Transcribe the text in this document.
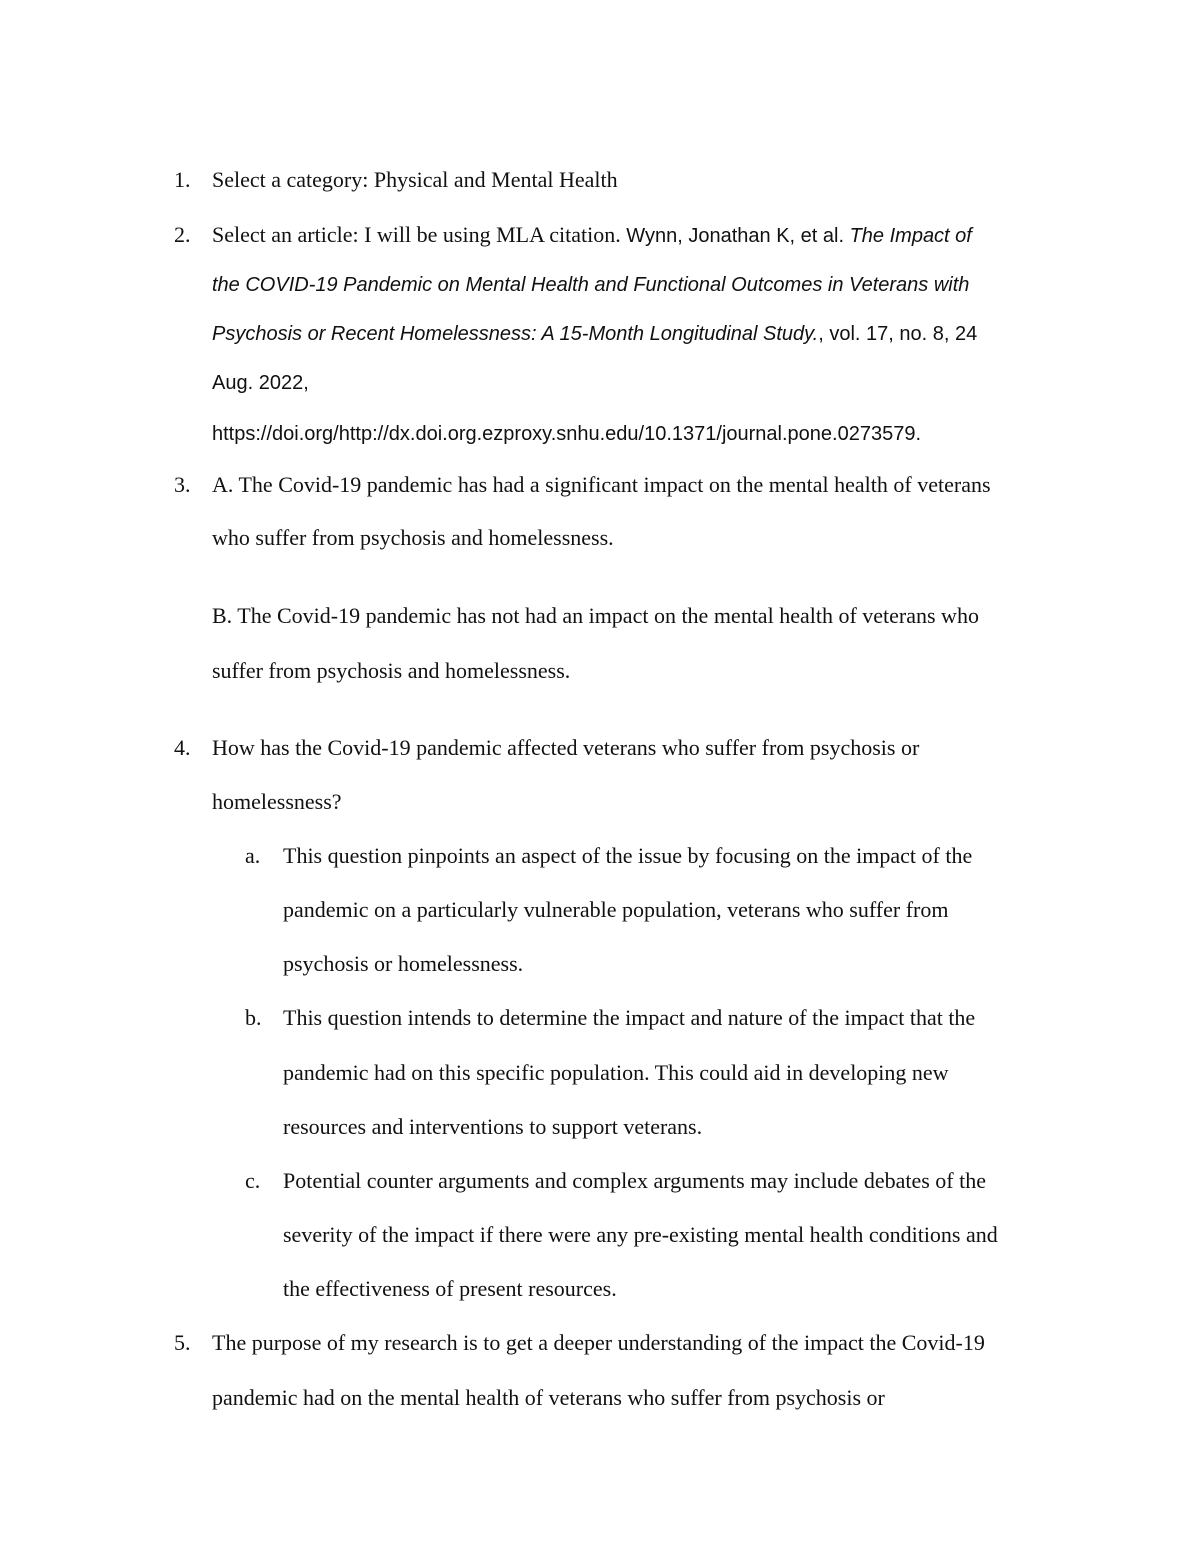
1. Select a category: Physical and Mental Health
2. Select an article: I will be using MLA citation. Wynn, Jonathan K, et al. The Impact of
the COVID-19 Pandemic on Mental Health and Functional Outcomes in Veterans with
Psychosis or Recent Homelessness: A 15-Month Longitudinal Study., vol. 17, no. 8, 24
Aug. 2022,
https://doi.org/http://dx.doi.org.ezproxy.snhu.edu/10.1371/journal.pone.0273579.
3. A. The Covid-19 pandemic has had a significant impact on the mental health of veterans
who suffer from psychosis and homelessness.
B. The Covid-19 pandemic has not had an impact on the mental health of veterans who
suffer from psychosis and homelessness.
4. How has the Covid-19 pandemic affected veterans who suffer from psychosis or
homelessness?
a. This question pinpoints an aspect of the issue by focusing on the impact of the
pandemic on a particularly vulnerable population, veterans who suffer from
psychosis or homelessness.
b. This question intends to determine the impact and nature of the impact that the
pandemic had on this specific population. This could aid in developing new
resources and interventions to support veterans.
c. Potential counter arguments and complex arguments may include debates of the
severity of the impact if there were any pre-existing mental health conditions and
the effectiveness of present resources.
5. The purpose of my research is to get a deeper understanding of the impact the Covid-19
pandemic had on the mental health of veterans who suffer from psychosis or
